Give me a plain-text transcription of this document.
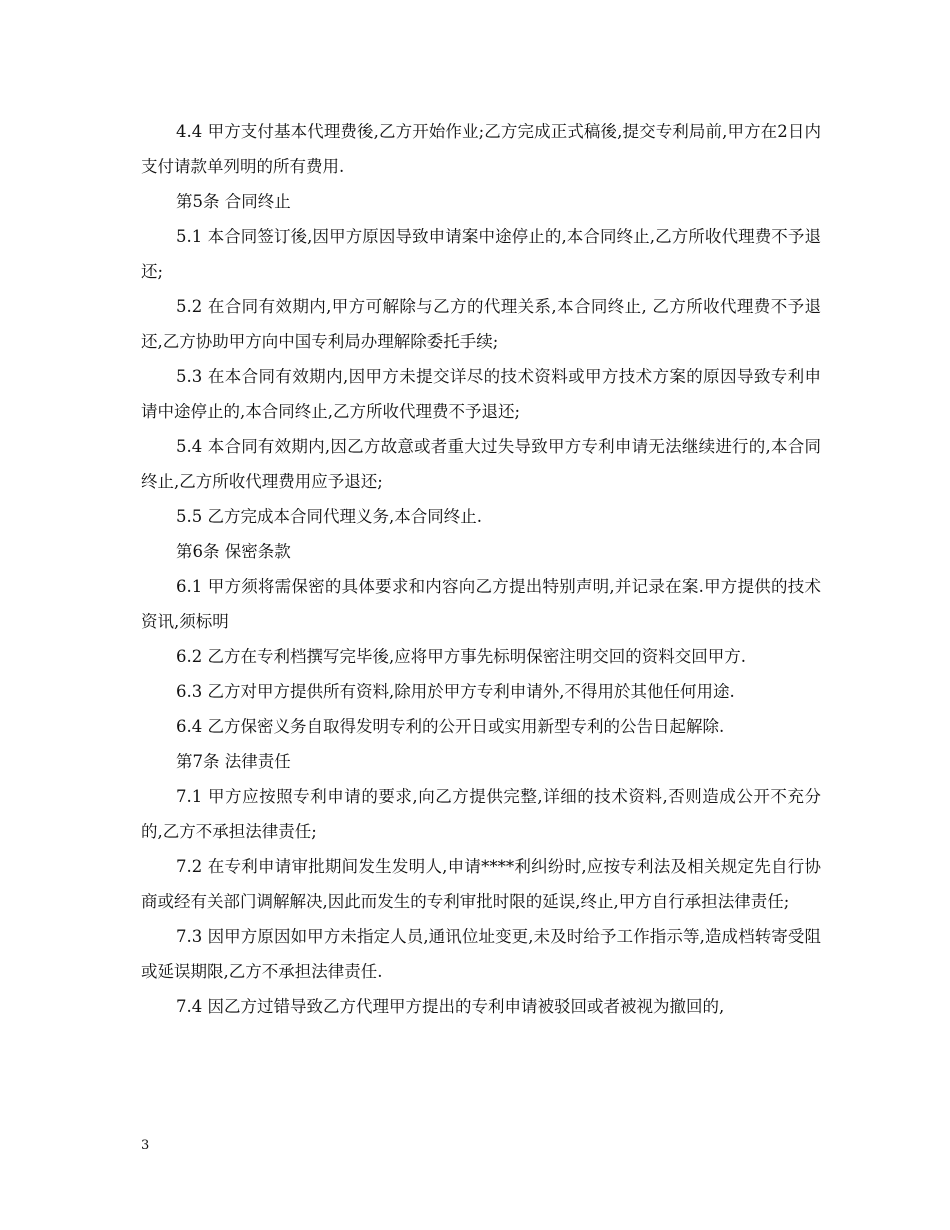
4.4 甲方支付基本代理费後,乙方开始作业;乙方完成正式稿後,提交专利局前,甲方在2日内支付请款单列明的所有费用.

第5条 合同终止

5.1 本合同签订後,因甲方原因导致申请案中途停止的,本合同终止,乙方所收代理费不予退还;

5.2 在合同有效期内,甲方可解除与乙方的代理关系,本合同终止, 乙方所收代理费不予退还,乙方协助甲方向中国专利局办理解除委托手续;

5.3 在本合同有效期内,因甲方未提交详尽的技术资料或甲方技术方案的原因导致专利申请中途停止的,本合同终止,乙方所收代理费不予退还;

5.4 本合同有效期内,因乙方故意或者重大过失导致甲方专利申请无法继续进行的,本合同终止,乙方所收代理费用应予退还;

5.5 乙方完成本合同代理义务,本合同终止.

第6条 保密条款

6.1 甲方须将需保密的具体要求和内容向乙方提出特别声明,并记录在案.甲方提供的技术资讯,须标明

6.2 乙方在专利档撰写完毕後,应将甲方事先标明保密注明交回的资料交回甲方.

6.3 乙方对甲方提供所有资料,除用於甲方专利申请外,不得用於其他任何用途.

6.4 乙方保密义务自取得发明专利的公开日或实用新型专利的公告日起解除.

第7条 法律责任

7.1 甲方应按照专利申请的要求,向乙方提供完整,详细的技术资料,否则造成公开不充分的,乙方不承担法律责任;

7.2 在专利申请审批期间发生发明人,申请****利纠纷时,应按专利法及相关规定先自行协商或经有关部门调解解决,因此而发生的专利审批时限的延误,终止,甲方自行承担法律责任;

7.3 因甲方原因如甲方未指定人员,通讯位址变更,未及时给予工作指示等,造成档转寄受阻或延误期限,乙方不承担法律责任.

7.4 因乙方过错导致乙方代理甲方提出的专利申请被驳回或者被视为撤回的,

3
